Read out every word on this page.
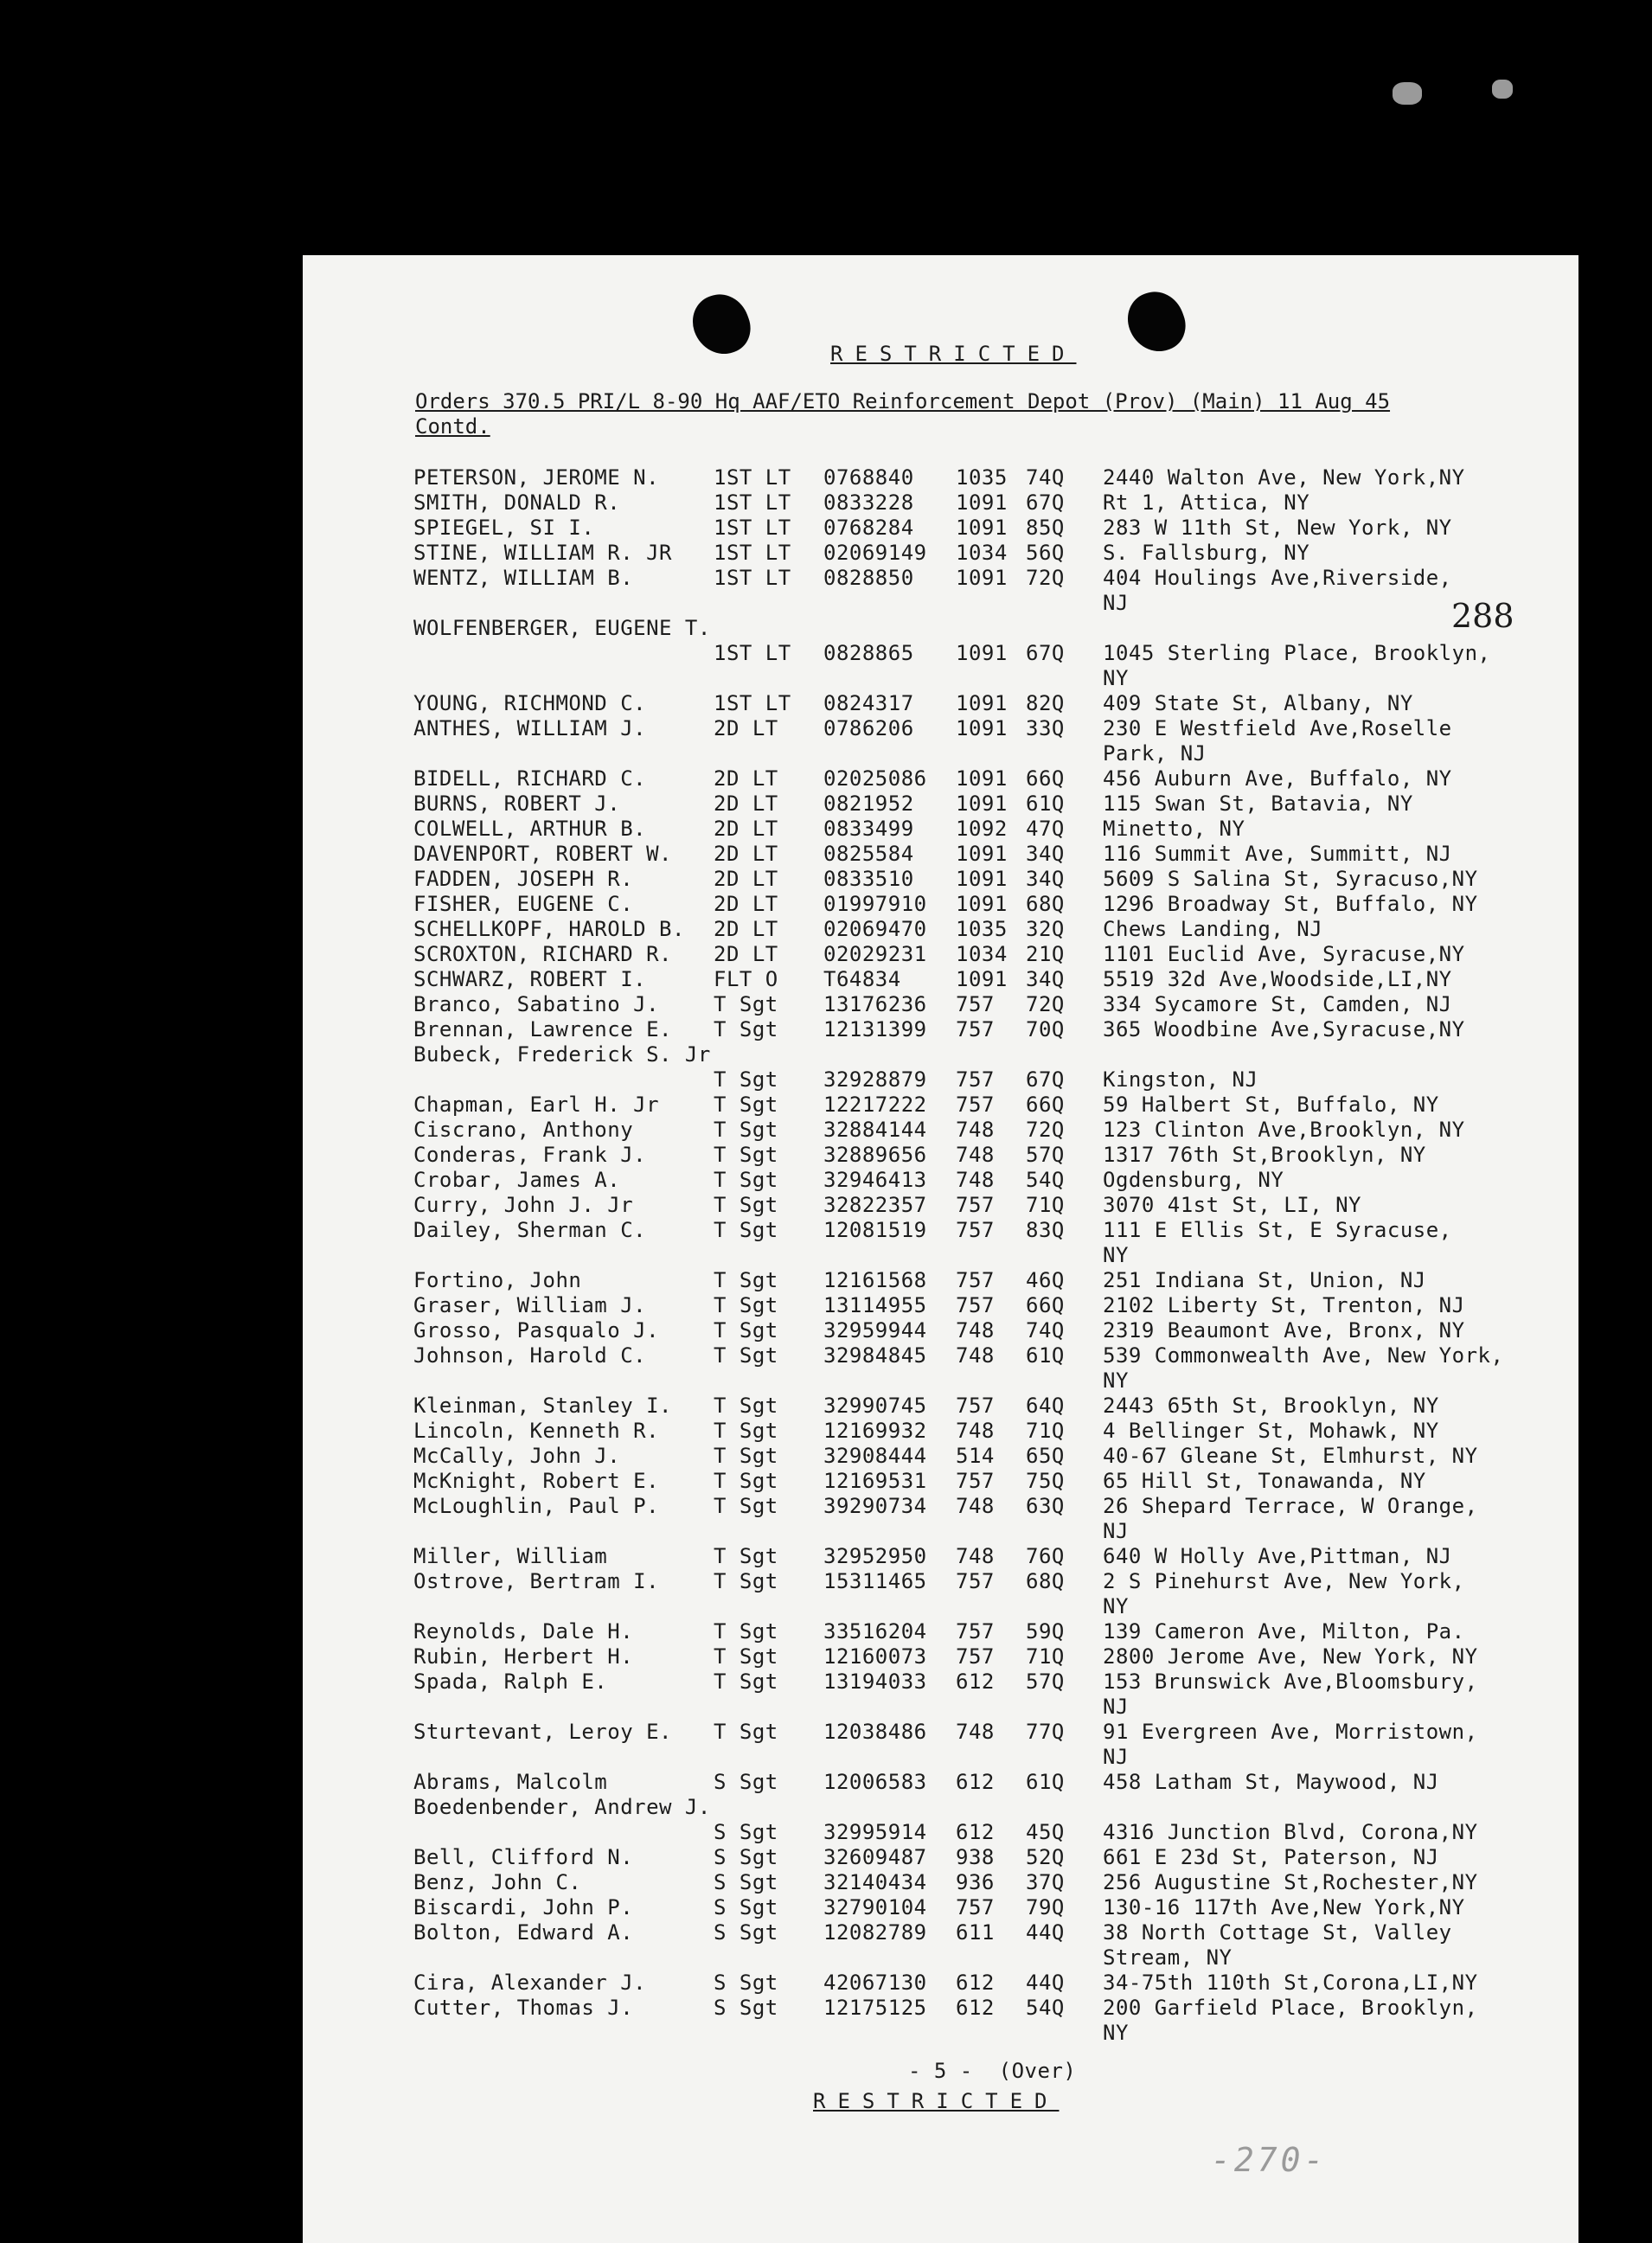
RESTRICTED
Orders 370.5 PRI/L 8-90 Hq AAF/ETO Reinforcement Depot (Prov) (Main) 11 Aug 45
Contd.
288
PETERSON, JEROME N.	1ST LT 0768840 1035 74Q 2440 Walton Ave, New York,NY
SMITH, DONALD R.	1ST LT 0833228 1091 67Q Rt 1, Attica, NY
SPIEGEL, SI I.	1ST LT 0768284 1091 85Q 283 W 11th St, New York, NY
STINE, WILLIAM R. JR 1ST LT 02069149 1034 56Q S. Fallsburg, NY
WENTZ, WILLIAM B.	1ST LT 0828850 1091 72Q 404 Houlings Ave,Riverside,
NJ
WOLFENBERGER, EUGENE T.
1ST LT 0828865 1091 67Q 1045 Sterling Place, Brooklyn,
NY
YOUNG, RICHMOND C.	1ST LT 0824317 1091 82Q 409 State St, Albany, NY
ANTHES, WILLIAM J.	2D LT 0786206 1091 33Q 230 E Westfield Ave,Roselle
Park, NJ
BIDELL, RICHARD C.	2D LT 02025086 1091 66Q 456 Auburn Ave, Buffalo, NY
BURNS, ROBERT J.	2D LT 0821952 1091 61Q 115 Swan St, Batavia, NY
COLWELL, ARTHUR B.	2D LT 0833499 1092 47Q Minetto, NY
DAVENPORT, ROBERT W. 2D LT 0825584 1091 34Q 116 Summit Ave, Summitt, NJ
FADDEN, JOSEPH R.	2D LT 0833510 1091 34Q 5609 S Salina St, Syracuso,NY
FISHER, EUGENE C.	2D LT 01997910 1091 68Q 1296 Broadway St, Buffalo, NY
SCHELLKOPF, HAROLD B. 2D LT 02069470 1035 32Q Chews Landing, NJ
SCROXTON, RICHARD R. 2D LT 02029231 1034 21Q 1101 Euclid Ave, Syracuse,NY
SCHWARZ, ROBERT I.	FLT O T64834	1091 34Q 5519 32d Ave,Woodside,LI,NY
Branco, Sabatino J.	T Sgt 13176236 757 72Q 334 Sycamore St, Camden, NJ
Brennan, Lawrence E. T Sgt 12131399 757 70Q 365 Woodbine Ave,Syracuse,NY
Bubeck, Frederick S. Jr
T Sgt 32928879 757 67Q Kingston, NJ
Chapman, Earl H. Jr	T Sgt 12217222 757 66Q 59 Halbert St, Buffalo, NY
Ciscrano, Anthony	T Sgt 32884144 748 72Q 123 Clinton Ave,Brooklyn, NY
Conderas, Frank J.	T Sgt 32889656 748 57Q 1317 76th St,Brooklyn, NY
Crobar, James A.	T Sgt 32946413 748 54Q Ogdensburg, NY
Curry, John J. Jr	T Sgt 32822357 757 71Q 3070 41st St, LI, NY
Dailey, Sherman C.	T Sgt 12081519 757 83Q 111 E Ellis St, E Syracuse,
NY
Fortino, John	T Sgt 12161568 757 46Q 251 Indiana St, Union, NJ
Graser, William J.	T Sgt 13114955 757 66Q 2102 Liberty St, Trenton, NJ
Grosso, Pasqualo J.	T Sgt 32959944 748 74Q 2319 Beaumont Ave, Bronx, NY
Johnson, Harold C.	T Sgt 32984845 748 61Q 539 Commonwealth Ave, New York,
NY
Kleinman, Stanley I. T Sgt 32990745 757 64Q 2443 65th St, Brooklyn, NY
Lincoln, Kenneth R.	T Sgt 12169932 748 71Q 4 Bellinger St, Mohawk, NY
McCally, John J.	T Sgt 32908444 514 65Q 40-67 Gleane St, Elmhurst, NY
McKnight, Robert E.	T Sgt 12169531 757 75Q 65 Hill St, Tonawanda, NY
McLoughlin, Paul P.	T Sgt 39290734 748 63Q 26 Shepard Terrace, W Orange,
NJ
Miller, William	T Sgt 32952950 748 76Q 640 W Holly Ave,Pittman, NJ
Ostrove, Bertram I.	T Sgt 15311465 757 68Q 2 S Pinehurst Ave, New York,
NY
Reynolds, Dale H.	T Sgt 33516204 757 59Q 139 Cameron Ave, Milton, Pa.
Rubin, Herbert H.	T Sgt 12160073 757 71Q 2800 Jerome Ave, New York, NY
Spada, Ralph E.	T Sgt 13194033 612 57Q 153 Brunswick Ave,Bloomsbury,
NJ
Sturtevant, Leroy E. T Sgt 12038486 748 77Q 91 Evergreen Ave, Morristown,
NJ
Abrams, Malcolm	S Sgt 12006583 612 61Q 458 Latham St, Maywood, NJ
Boedenbender, Andrew J.
S Sgt 32995914 612 45Q 4316 Junction Blvd, Corona,NY
Bell, Clifford N.	S Sgt 32609487 938 52Q 661 E 23d St, Paterson, NJ
Benz, John C.	S Sgt 32140434 936 37Q 256 Augustine St,Rochester,NY
Biscardi, John P.	S Sgt 32790104 757 79Q 130-16 117th Ave,New York,NY
Bolton, Edward A.	S Sgt 12082789 611 44Q 38 North Cottage St, Valley
Stream, NY
Cira, Alexander J.	S Sgt 42067130 612 44Q 34-75th 110th St,Corona,LI,NY
Cutter, Thomas J.	S Sgt 12175125 612 54Q 200 Garfield Place, Brooklyn,
NY
- 5 -  (Over)
RESTRICTED
-270-
